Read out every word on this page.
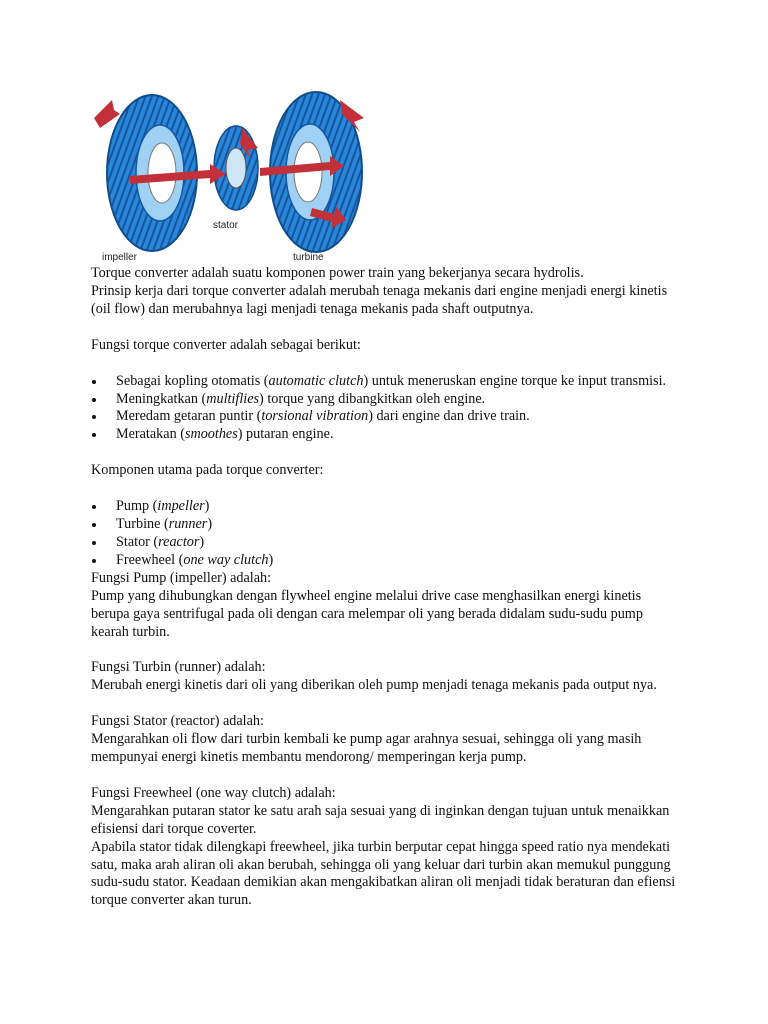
impeller
stator
turbine

Torque converter adalah suatu komponen power train yang bekerjanya secara hydrolis.

Prinsip kerja dari torque converter adalah merubah tenaga mekanis dari engine menjadi energi kinetis (oil flow) dan merubahnya lagi menjadi tenaga mekanis pada shaft outputnya.

Fungsi torque converter adalah sebagai berikut:

Sebagai kopling otomatis (automatic clutch) untuk meneruskan engine torque ke input transmisi.
Meningkatkan (multiflies) torque yang dibangkitkan oleh engine.
Meredam getaran puntir (torsional vibration) dari engine dan drive train.
Meratakan (smoothes) putaran engine.

Komponen utama pada torque converter:

Pump (impeller)
Turbine (runner)
Stator (reactor)
Freewheel (one way clutch)

Fungsi Pump (impeller) adalah:

Pump yang dihubungkan dengan flywheel engine melalui drive case menghasilkan energi kinetis berupa gaya sentrifugal pada oli dengan cara melempar oli yang berada didalam sudu-sudu pump kearah turbin.

Fungsi Turbin (runner) adalah:

Merubah energi kinetis dari oli yang diberikan oleh pump menjadi tenaga mekanis pada output nya.

Fungsi Stator (reactor) adalah:

Mengarahkan oli flow dari turbin kembali ke pump agar arahnya sesuai, sehingga oli yang masih mempunyai energi kinetis membantu mendorong/ memperingan kerja pump.

Fungsi Freewheel (one way clutch) adalah:

Mengarahkan putaran stator ke satu arah saja sesuai yang di inginkan dengan tujuan untuk menaikkan efisiensi dari torque coverter.

Apabila stator tidak dilengkapi freewheel, jika turbin berputar cepat hingga speed ratio nya mendekati satu, maka arah aliran oli akan berubah, sehingga oli yang keluar dari turbin akan memukul punggung sudu-sudu stator. Keadaan demikian akan mengakibatkan aliran oli menjadi tidak beraturan dan efiensi torque converter akan turun.
